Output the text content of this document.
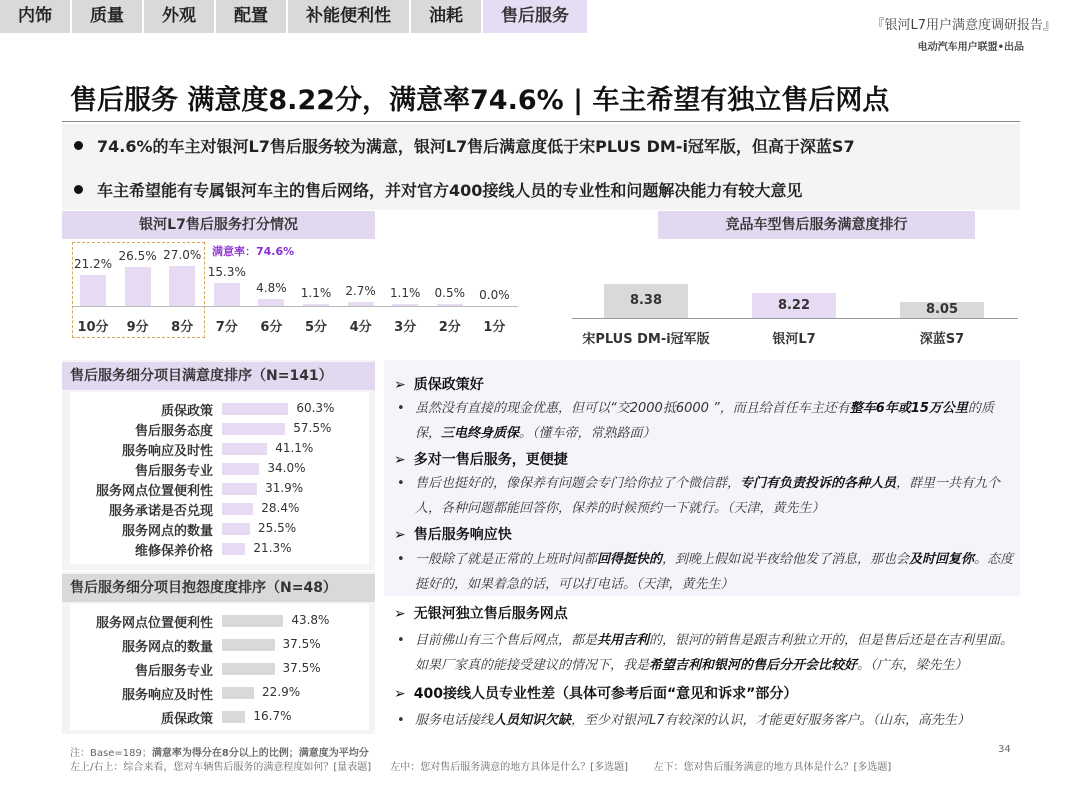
内饰	质量	外观	配置	补能便利性	油耗	售后服务	『银河L7用户满意度调研报告』
电动汽车用户联盟•出品
售后服务 满意度8.22分，满意率74.6% | 车主希望有独立售后网点
74.6%的车主对银河L7售后服务较为满意，银河L7售后满意度低于宋PLUS DM-i冠军版，但高于深蓝S7
车主希望能有专属银河车主的售后网络，并对官方400接线人员的专业性和问题解决能力有较大意见
银河L7售后服务打分情况	竞品车型售后服务满意度排行
21.2%
10分
26.5%
9分
27.0%
8分
15.3%
7分
4.8%
6分
1.1%
5分
2.7%
4分
1.1%
3分
0.5%
2分
0.0%
1分
满意率：74.6%
8.38
宋PLUS DM-i冠军版
8.22
银河L7
8.05
深蓝S7
售后服务细分项目满意度排序（N=141）
质保政策	60.3%
售后服务态度	57.5%
服务响应及时性	41.1%
售后服务专业	34.0%
服务网点位置便利性	31.9%
服务承诺是否兑现	28.4%
服务网点的数量	25.5%
维修保养价格	21.3%
售后服务细分项目抱怨度度排序（N=48）
服务网点位置便利性	43.8%
服务网点的数量	37.5%
售后服务专业	37.5%
服务响应及时性	22.9%
质保政策	16.7%
➢ 质保政策好
• 虽然没有直接的现金优惠，但可以“交2000抵6000 ”，而且给首任车主还有整车6年或15万公里的质保，三电终身质保。（懂车帝，常熟路面）
➢ 多对一售后服务，更便捷
• 售后也挺好的，像保养有问题会专门给你拉了个微信群，专门有负责投诉的各种人员，群里一共有九个人，各种问题都能回答你，保养的时候预约一下就行。（天津，黄先生）
➢ 售后服务响应快
• 一般除了就是正常的上班时间都回得挺快的，到晚上假如说半夜给他发了消息，那也会及时回复你。态度挺好的，如果着急的话，可以打电话。（天津，黄先生）
➢ 无银河独立售后服务网点
• 目前佛山有三个售后网点，都是共用吉利的，银河的销售是跟吉利独立开的，但是售后还是在吉利里面。如果厂家真的能接受建议的情况下，我是希望吉利和银河的售后分开会比较好。（广东，梁先生）
➢ 400接线人员专业性差（具体可参考后面“意见和诉求”部分）
• 服务电话接线人员知识欠缺，至少对银河L7有较深的认识，才能更好服务客户。（山东，高先生）
注：Base=189；满意率为得分在8分以上的比例；满意度为平均分
左上/右上：综合来看，您对车辆售后服务的满意程度如何？[量表题] 左中：您对售后服务满意的地方具体是什么？[多选题]	左下：您对售后服务满意的地方具体是什么？[多选题]
34
